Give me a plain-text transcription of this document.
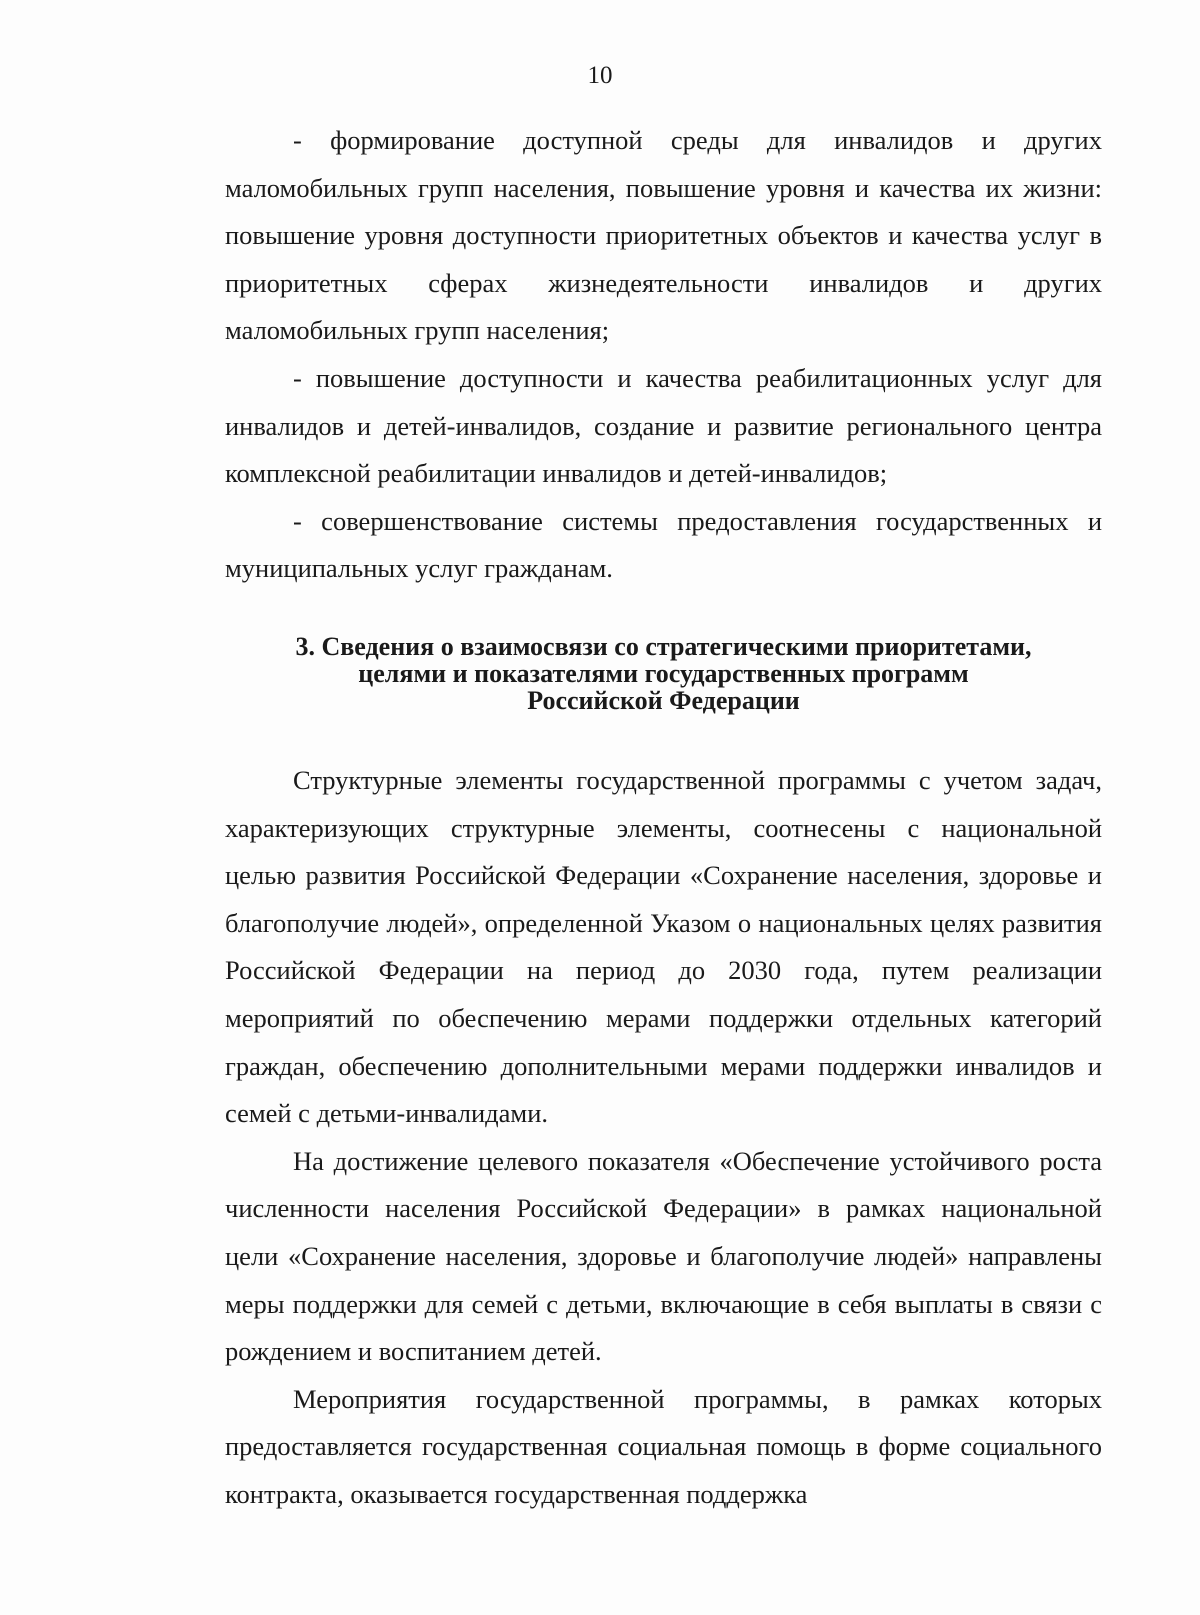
10

- формирование доступной среды для инвалидов и других маломобильных групп населения, повышение уровня и качества их жизни: повышение уровня доступности приоритетных объектов и качества услуг в приоритетных сферах жизнедеятельности инвалидов и других маломобильных групп населения;

- повышение доступности и качества реабилитационных услуг для инвалидов и детей-инвалидов, создание и развитие регионального центра комплексной реабилитации инвалидов и детей-инвалидов;

- совершенствование системы предоставления государственных и муниципальных услуг гражданам.

3. Сведения о взаимосвязи со стратегическими приоритетами,
целями и показателями государственных программ
Российской Федерации

Структурные элементы государственной программы с учетом задач, характеризующих структурные элементы, соотнесены с национальной целью развития Российской Федерации «Сохранение населения, здоровье и благополучие людей», определенной Указом о национальных целях развития Российской Федерации на период до 2030 года, путем реализации мероприятий по обеспечению мерами поддержки отдельных категорий граждан, обеспечению дополнительными мерами поддержки инвалидов и семей с детьми-инвалидами.

На достижение целевого показателя «Обеспечение устойчивого роста численности населения Российской Федерации» в рамках национальной цели «Сохранение населения, здоровье и благополучие людей» направлены меры поддержки для семей с детьми, включающие в себя выплаты в связи с рождением и воспитанием детей.

Мероприятия государственной программы, в рамках которых предоставляется государственная социальная помощь в форме социального контракта, оказывается государственная поддержка
